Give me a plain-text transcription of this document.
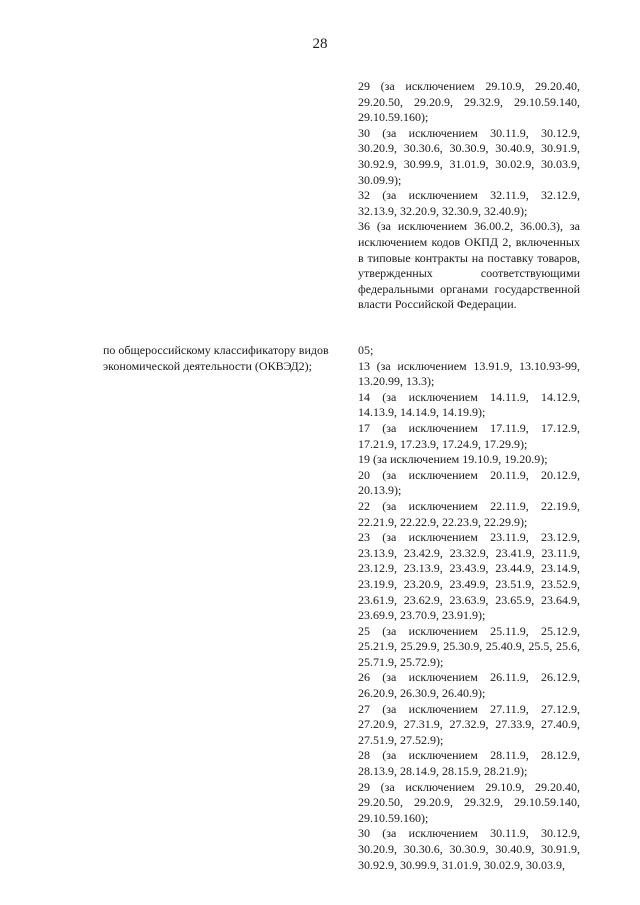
28

29 (за исключением 29.10.9, 29.20.40, 29.20.50, 29.20.9, 29.32.9, 29.10.59.140, 29.10.59.160);

30 (за исключением 30.11.9, 30.12.9, 30.20.9, 30.30.6, 30.30.9, 30.40.9, 30.91.9, 30.92.9, 30.99.9, 31.01.9, 30.02.9, 30.03.9, 30.09.9);

32 (за исключением 32.11.9, 32.12.9, 32.13.9, 32.20.9, 32.30.9, 32.40.9);

36 (за исключением 36.00.2, 36.00.3), за исключением кодов ОКПД 2, включенных в типовые контракты на поставку товаров, утвержденных соответствующими федеральными органами государственной власти Российской Федерации.

по общероссийскому классификатору видов
экономической деятельности (ОКВЭД2);

05;

13 (за исключением 13.91.9, 13.10.93-99, 13.20.99, 13.3);

14 (за исключением 14.11.9, 14.12.9, 14.13.9, 14.14.9, 14.19.9);

17 (за исключением 17.11.9, 17.12.9, 17.21.9, 17.23.9, 17.24.9, 17.29.9);

19 (за исключением 19.10.9, 19.20.9);

20 (за исключением 20.11.9, 20.12.9, 20.13.9);

22 (за исключением 22.11.9, 22.19.9, 22.21.9, 22.22.9, 22.23.9, 22.29.9);

23 (за исключением 23.11.9, 23.12.9, 23.13.9, 23.42.9, 23.32.9, 23.41.9, 23.11.9, 23.12.9, 23.13.9, 23.43.9, 23.44.9, 23.14.9, 23.19.9, 23.20.9, 23.49.9, 23.51.9, 23.52.9, 23.61.9, 23.62.9, 23.63.9, 23.65.9, 23.64.9, 23.69.9, 23.70.9, 23.91.9);

25 (за исключением 25.11.9, 25.12.9, 25.21.9, 25.29.9, 25.30.9, 25.40.9, 25.5, 25.6, 25.71.9, 25.72.9);

26 (за исключением 26.11.9, 26.12.9, 26.20.9, 26.30.9, 26.40.9);

27 (за исключением 27.11.9, 27.12.9, 27.20.9, 27.31.9, 27.32.9, 27.33.9, 27.40.9, 27.51.9, 27.52.9);

28 (за исключением 28.11.9, 28.12.9, 28.13.9, 28.14.9, 28.15.9, 28.21.9);

29 (за исключением 29.10.9, 29.20.40, 29.20.50, 29.20.9, 29.32.9, 29.10.59.140, 29.10.59.160);

30 (за исключением 30.11.9, 30.12.9, 30.20.9, 30.30.6, 30.30.9, 30.40.9, 30.91.9, 30.92.9, 30.99.9, 31.01.9, 30.02.9, 30.03.9,
